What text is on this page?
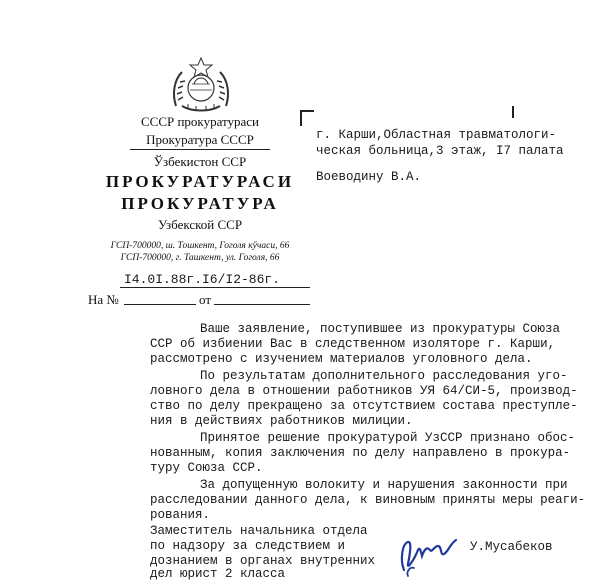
СССР прокуратураси
Прокуратура СССР
Ўзбекистон ССР
ПРОКУРАТУРАСИ
ПРОКУРАТУРА
Узбекской ССР
ГСП-700000, ш. Тошкент, Гоголя кўчаси, 66
ГСП-700000, г. Ташкент, ул. Гоголя, 66
I4.0I.88г. I6/I2-86г.
На №	от
г. Карши,Областная травматологи-
ческая больница,3 этаж, I7 палата
Воеводину В.А.
Ваше заявление, поступившее из прокуратуры Союза
ССР об избиении Вас в следственном изоляторе г. Карши,
рассмотрено с изучением материалов уголовного дела.
По результатам дополнительного расследования уго-
ловного дела в отношении работников УЯ 64/СИ-5, производ-
ство по делу прекращено за отсутствием состава преступле-
ния в действиях работников милиции.
Принятое решение прокуратурой УзССР признано обос-
нованным, копия заключения по делу направлено в прокура-
туру Союза ССР.
За допущенную волокиту и нарушения законности при
расследовании данного дела, к виновным приняты меры реаги-
рования.
Заместитель начальника отдела
по надзору за следствием и
дознанием в органах внутренних
дел юрист 2 класса
У.Мусабеков
